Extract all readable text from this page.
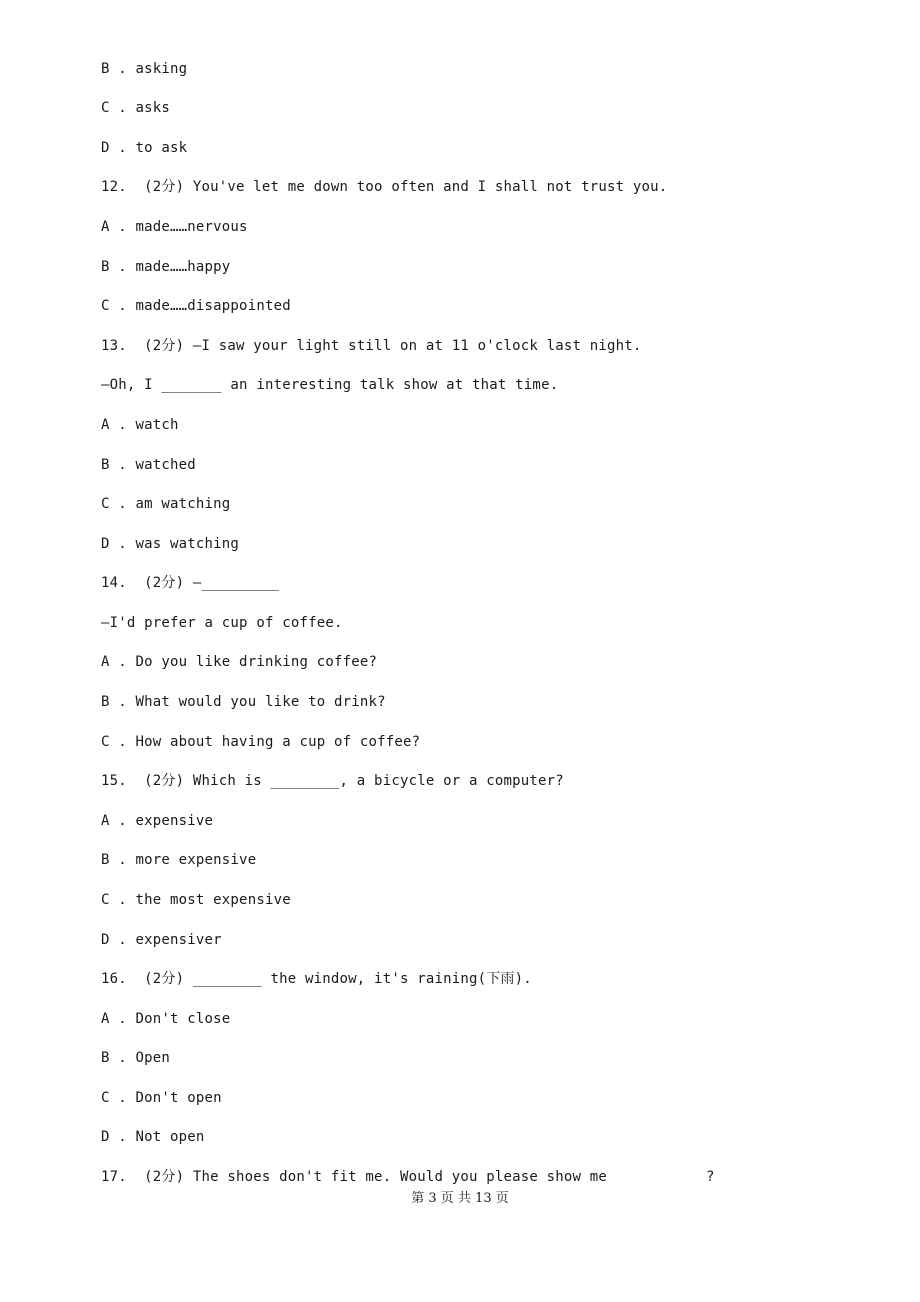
B . asking
C . asks
D . to ask
12.  (2分) You've let me down too often and I shall not trust you.
A . made……nervous
B . made……happy
C . made……disappointed
13.  (2分) —I saw your light still on at 11 o'clock last night.
—Oh, I _______ an interesting talk show at that time.
A . watch
B . watched
C . am watching
D . was watching
14.  (2分) —_________
—I'd prefer a cup of coffee.
A . Do you like drinking coffee?
B . What would you like to drink?
C . How about having a cup of coffee?
15.  (2分) Which is ________, a bicycle or a computer?
A . expensive
B . more expensive
C . the most expensive
D . expensiver
16.  (2分) ________ the window, it's raining(下雨).
A . Don't close
B . Open
C . Don't open
D . Not open
17.  (2分) The shoes don't fit me. Would you please show me	?
第 3 页 共 13 页
